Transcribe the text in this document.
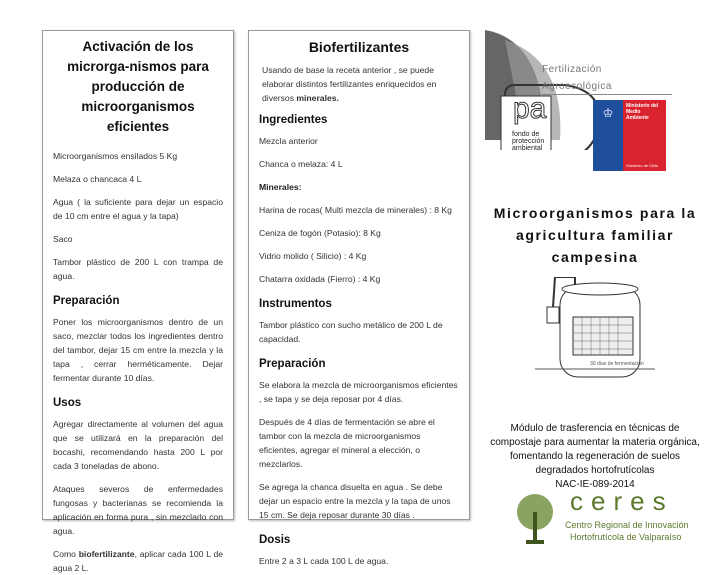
Activación de los microrga-nismos para producción de microorganismos eficientes

Microorganismos ensilados 5 Kg

Melaza o chancaca 4 L

Agua ( la suficiente para dejar un espacio de 10 cm entre el agua y la tapa)

Saco

Tambor plástico de 200 L con trampa de agua.

Preparación

Poner los microorganismos dentro de un saco, mezclar todos los ingredientes dentro del tambor, dejar 15 cm entre la mezcla y la tapa , cerrar herméticamente. Dejar fermentar durante 10 días.

Usos

Agregar directamente al volumen del agua que se utilizará en la preparación del bocashi, recomendando hasta 200 L por cada 3 toneladas de abono.

Ataques severos de enfermedades fungosas y bacterianas se recomienda la aplicación en forma pura , sin mezclarlo con agua.

Como biofertilizante, aplicar cada 100 L de agua 2 L.

Biofertilizantes

Usando de base la receta anterior , se puede elaborar distintos fertilizantes enriquecidos en diversos minerales.

Ingredientes

Mezcla anterior

Chanca o melaza: 4 L

Minerales:

Harina de rocas( Multi mezcla de minerales) : 8 Kg

Ceniza de fogón (Potasio): 8 Kg

Vidrio molido ( Silicio) : 4 Kg

Chatarra oxidada (Fierro) : 4 Kg

Instrumentos

Tambor plástico con sucho metálico de 200 L de capacidad.

Preparación

Se elabora la mezcla de microorganismos eficientes , se tapa y se deja reposar por 4 días.

Después de 4 días de fermentación se abre el tambor con la mezcla de microorganismos eficientes, agregar el mineral a elección, o mezclarlos.

Se agrega la chanca disuelta en agua . Se debe dejar un espacio entre la mezcla y la tapa de unos 15 cm. Se deja reposar durante 30 días .

Dosis

Entre 2 a 3 L cada 100 L de agua.

pa
fondo de
protección
ambiental
Fertilización
Agroecológica
♔	Ministerio del
Medio
Ambiente
Gobierno de Chile
Microorganismos para la agricultura familiar campesina
30 días de fermentación
Módulo de trasferencia en técnicas de compostaje para aumentar la materia orgánica, fomentando la regeneración de suelos degradados hortofrutícolas
NAC-IE-089-2014
ceres
Centro Regional de Innovación
Hortofrutícola de Valparaíso
